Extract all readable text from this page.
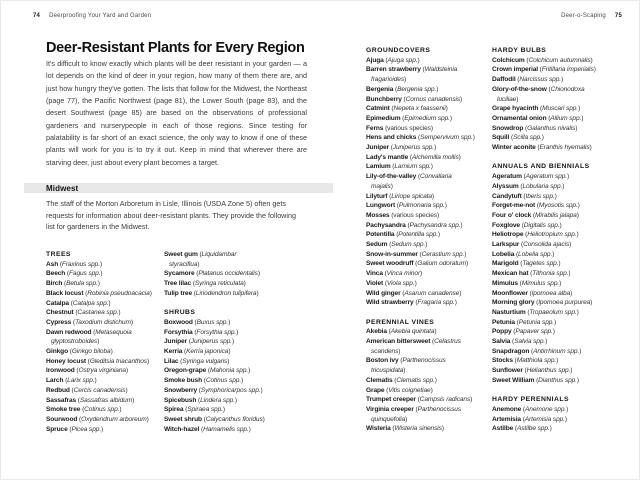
74 Deerproofing Your Yard and Garden	Deer-o-Scaping 75
Deer-Resistant Plants for Every Region

It's difficult to know exactly which plants will be deer resistant in your garden — a lot depends on the kind of deer in your region, how many of them there are, and just how hungry they've gotten. The lists that follow for the Midwest, the Northeast (page 77), the Pacific Northwest (page 81), the Lower South (page 83), and the desert Southwest (page 85) are based on the observations of professional gardeners and nurserypeople in each of those regions. Since testing for palatability is far short of an exact science, the only way to know if one of these plants will work for you is to try it out. Keep in mind that wherever there are starving deer, just about every plant becomes a target.

Midwest

The staff of the Morton Arboretum in Lisle, Illinois (USDA Zone 5) often gets requests for information about deer-resistant plants. They provide the following list for gardeners in the Midwest.

TREES
Ash (Fraxinus spp.)
Beech (Fagus spp.)
Birch (Betula spp.)
Black locust (Robinia pseudoacacia)
Catalpa (Catalpa spp.)
Chestnut (Castanea spp.)
Cypress (Taxodium distichum)
Dawn redwood (Metasequoia
glyptostroboides)
Ginkgo (Ginkgo biloba)
Honey locust (Gleditsia triacanthos)
Ironwood (Ostrya virginiana)
Larch (Larix spp.)
Redbud (Cercis canadensis)
Sassafras (Sassafras albidum)
Smoke tree (Cotinus spp.)
Sourwood (Oxydendrum arboreum)
Spruce (Picea spp.)
Sweet gum (Liquidambar
styraciflua)
Sycamore (Platanus occidentalis)
Tree lilac (Syringa reticulata)
Tulip tree (Liriodendron tulipifera)
SHRUBS
Boxwood (Buxus spp.)
Forsythia (Forsythia spp.)
Juniper (Juniperus spp.)
Kerria (Kerria japonica)
Lilac (Syringa vulgaris)
Oregon-grape (Mahonia spp.)
Smoke bush (Cotinus spp.)
Snowberry (Symphoricarpos spp.)
Spicebush (Lindera spp.)
Spirea (Spiraea spp.)
Sweet shrub (Calycanthus floridus)
Witch-hazel (Hamamelis spp.)
GROUNDCOVERS
Ajuga (Ajuga spp.)
Barren strawberry (Waldsteinia
fragarioides)
Bergenia (Bergenia spp.)
Bunchberry (Cornus canadensis)
Catmint (Nepeta x faassenii)
Epimedium (Epimedium spp.)
Ferns (various species)
Hens and chicks (Sempervivum spp.)
Juniper (Juniperus spp.)
Lady's mantle (Alchemilla mollis)
Lamium (Lamium spp.)
Lily-of-the-valley (Convallaria
majalis)
Lilyturf (Liriope spicata)
Lungwort (Pulmonaria spp.)
Mosses (various species)
Pachysandra (Pachysandra spp.)
Potentilla (Potentilla spp.)
Sedum (Sedum spp.)
Snow-in-summer (Cerastium spp.)
Sweet woodruff (Galium odoratum)
Vinca (Vinca minor)
Violet (Viola spp.)
Wild ginger (Asarum canadense)
Wild strawberry (Fragaria spp.)
PERENNIAL VINES
Akebia (Akebia quintata)
American bittersweet (Celastrus
scandens)
Boston ivy (Parthenocissus
tricuspidata)
Clematis (Clematis spp.)
Grape (Vitis coignetiae)
Trumpet creeper (Campsis radicans)
Virginia creeper (Parthenocissus
quinquefolia)
Wisteria (Wisteria sinensis)
HARDY BULBS
Colchicum (Colchicum autumnalis)
Crown imperial (Fritillaria imperialis)
Daffodil (Narcissus spp.)
Glory-of-the-snow (Chionodoxa
luciliae)
Grape hyacinth (Muscari spp.)
Ornamental onion (Allium spp.)
Snowdrop (Galanthus nivalis)
Squill (Scilla spp.)
Winter aconite (Eranthis hyemalis)
ANNUALS AND BIENNIALS
Ageratum (Ageratum spp.)
Alyssum (Lobularia spp.)
Candytuft (Iberis spp.)
Forget-me-not (Myosotis spp.)
Four o' clock (Mirabilis jalapa)
Foxglove (Digitalis spp.)
Heliotrope (Heliotropium spp.)
Larkspur (Consolida ajacis)
Lobelia (Lobelia spp.)
Marigold (Tagetes spp.)
Mexican hat (Tithonia spp.)
Mimulus (Mimulus spp.)
Moonflower (Ipomoea alba)
Morning glory (Ipomoea purpurea)
Nasturtium (Tropaeolum spp.)
Petunia (Petunia spp.)
Poppy (Papaver spp.)
Salvia (Salvia spp.)
Snapdragon (Antirrhinum spp.)
Stocks (Matthiola spp.)
Sunflower (Helianthus spp.)
Sweet William (Dianthus spp.)
HARDY PERENNIALS
Anemone (Anemone spp.)
Artemisia (Artemisia spp.)
Astilbe (Astilbe spp.)
